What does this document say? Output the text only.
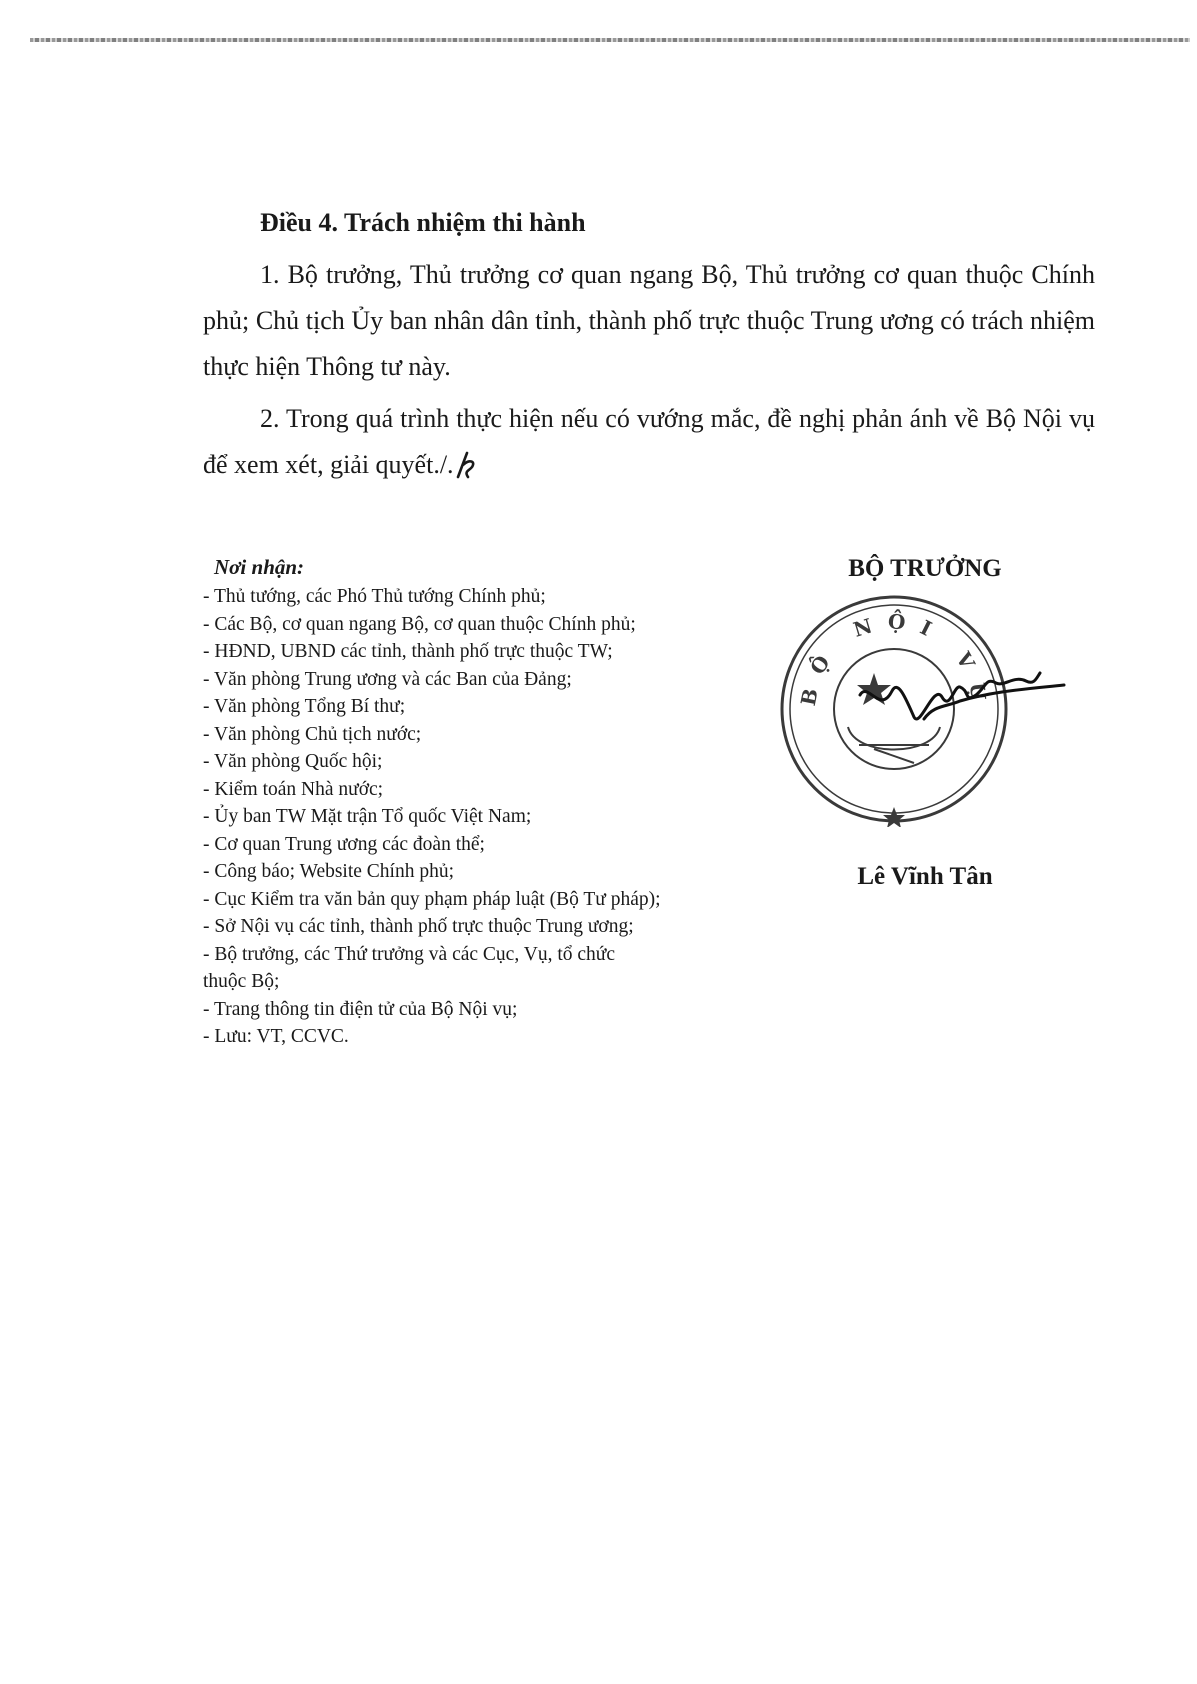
Điều 4. Trách nhiệm thi hành

1. Bộ trưởng, Thủ trưởng cơ quan ngang Bộ, Thủ trưởng cơ quan thuộc Chính phủ; Chủ tịch Ủy ban nhân dân tỉnh, thành phố trực thuộc Trung ương có trách nhiệm thực hiện Thông tư này.

2. Trong quá trình thực hiện nếu có vướng mắc, đề nghị phản ánh về Bộ Nội vụ để xem xét, giải quyết./.

Nơi nhận:

- Thủ tướng, các Phó Thủ tướng Chính phủ;
- Các Bộ, cơ quan ngang Bộ, cơ quan thuộc Chính phủ;
- HĐND, UBND các tỉnh, thành phố trực thuộc TW;
- Văn phòng Trung ương và các Ban của Đảng;
- Văn phòng Tổng Bí thư;
- Văn phòng Chủ tịch nước;
- Văn phòng Quốc hội;
- Kiểm toán Nhà nước;
- Ủy ban TW Mặt trận Tổ quốc Việt Nam;
- Cơ quan Trung ương các đoàn thể;
- Công báo; Website Chính phủ;
- Cục Kiểm tra văn bản quy phạm pháp luật (Bộ Tư pháp);
- Sở Nội vụ các tỉnh, thành phố trực thuộc Trung ương;
- Bộ trưởng, các Thứ trưởng và các Cục, Vụ, tổ chức
thuộc Bộ;
- Trang thông tin điện tử của Bộ Nội vụ;
- Lưu: VT, CCVC.

BỘ TRƯỞNG

BỘ NỘI VỤ

Lê Vĩnh Tân
